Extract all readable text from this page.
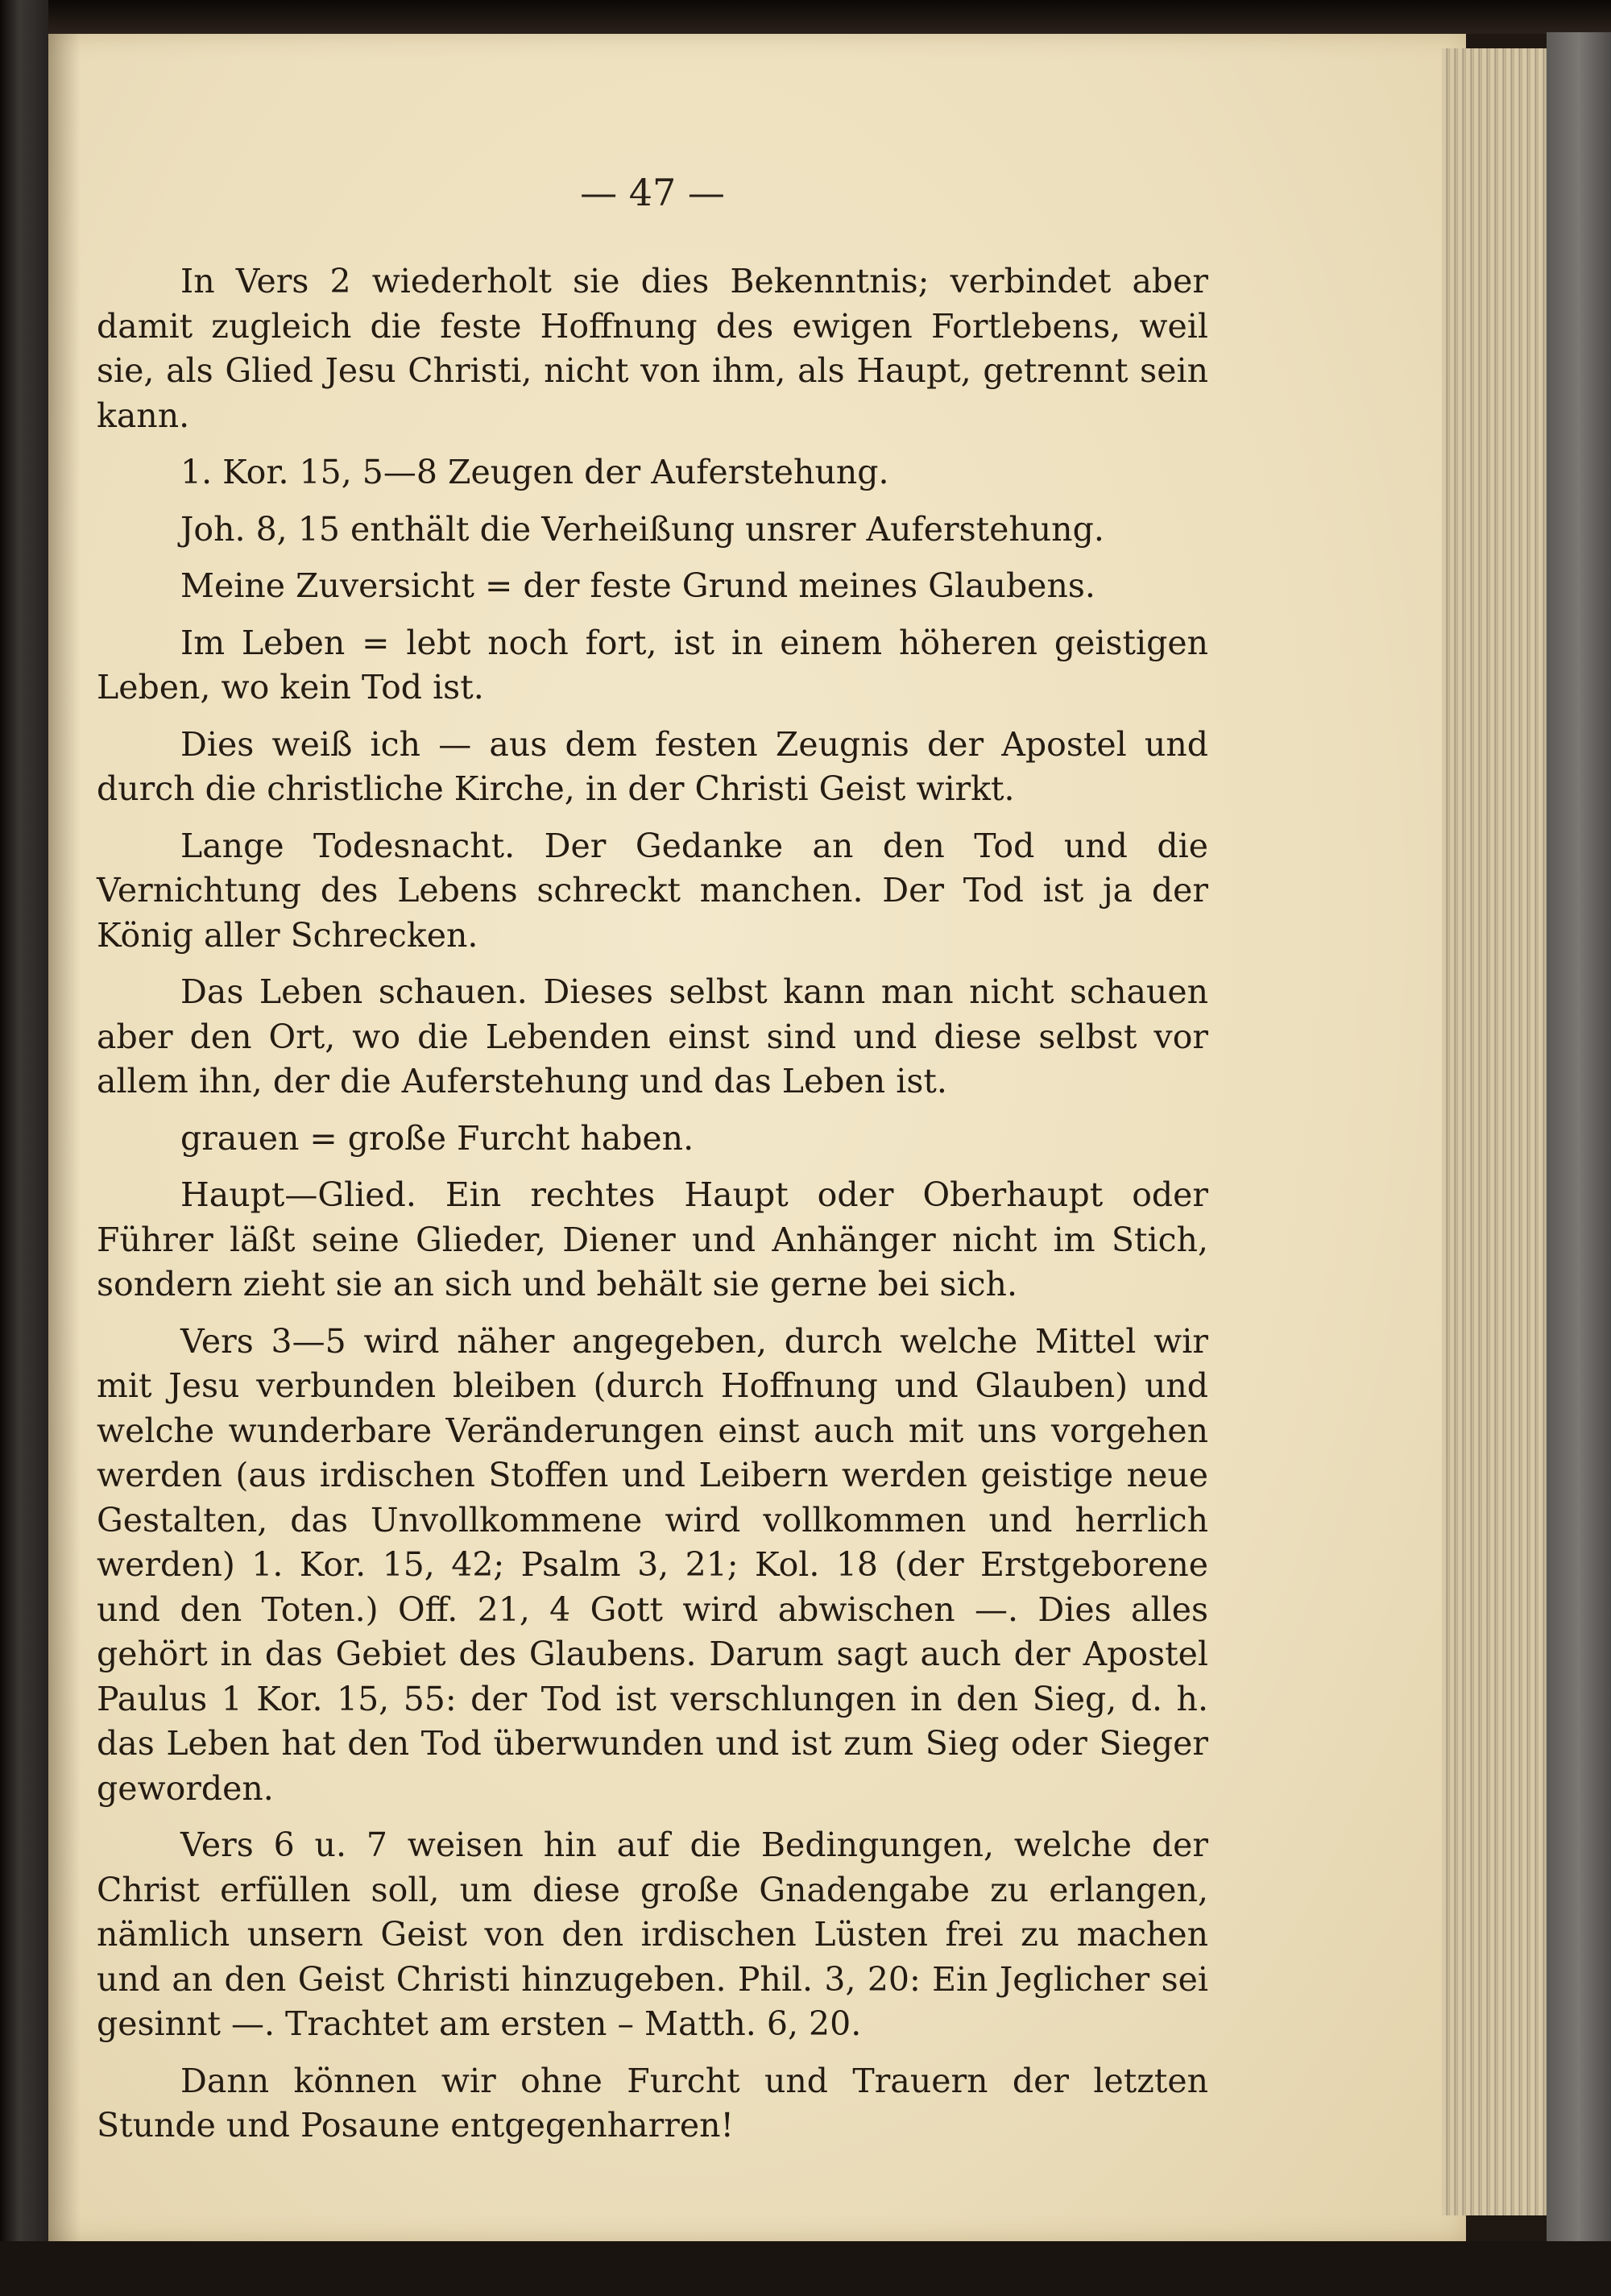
— 47 —

In Vers 2 wiederholt sie dies Bekenntnis; verbindet aber damit zugleich die feste Hoffnung des ewigen Fortlebens, weil sie, als Glied Jesu Christi, nicht von ihm, als Haupt, getrennt sein kann.

1. Kor. 15, 5—8 Zeugen der Auferstehung.

Joh. 8, 15 enthält die Verheißung unsrer Auferstehung.

Meine Zuversicht = der feste Grund meines Glaubens.

Im Leben = lebt noch fort, ist in einem höheren geistigen Leben, wo kein Tod ist.

Dies weiß ich — aus dem festen Zeugnis der Apostel und durch die christliche Kirche, in der Christi Geist wirkt.

Lange Todesnacht. Der Gedanke an den Tod und die Vernichtung des Lebens schreckt manchen. Der Tod ist ja der König aller Schrecken.

Das Leben schauen. Dieses selbst kann man nicht schauen aber den Ort, wo die Lebenden einst sind und diese selbst vor allem ihn, der die Auferstehung und das Leben ist.

grauen = große Furcht haben.

Haupt—Glied. Ein rechtes Haupt oder Oberhaupt oder Führer läßt seine Glieder, Diener und Anhänger nicht im Stich, sondern zieht sie an sich und behält sie gerne bei sich.

Vers 3—5 wird näher angegeben, durch welche Mittel wir mit Jesu verbunden bleiben (durch Hoffnung und Glauben) und welche wunderbare Veränderungen einst auch mit uns vorgehen werden (aus irdischen Stoffen und Leibern werden geistige neue Gestalten, das Unvollkommene wird vollkommen und herrlich werden) 1. Kor. 15, 42; Psalm 3, 21; Kol. 18 (der Erstgeborene und den Toten.) Off. 21, 4 Gott wird abwischen —. Dies alles gehört in das Gebiet des Glaubens. Darum sagt auch der Apostel Paulus 1 Kor. 15, 55: der Tod ist verschlungen in den Sieg, d. h. das Leben hat den Tod überwunden und ist zum Sieg oder Sieger geworden.

Vers 6 u. 7 weisen hin auf die Bedingungen, welche der Christ erfüllen soll, um diese große Gnadengabe zu erlangen, nämlich unsern Geist von den irdischen Lüsten frei zu machen und an den Geist Christi hinzugeben. Phil. 3, 20: Ein Jeglicher sei gesinnt —. Trachtet am ersten – Matth. 6, 20.

Dann können wir ohne Furcht und Trauern der letzten Stunde und Posaune entgegenharren!
